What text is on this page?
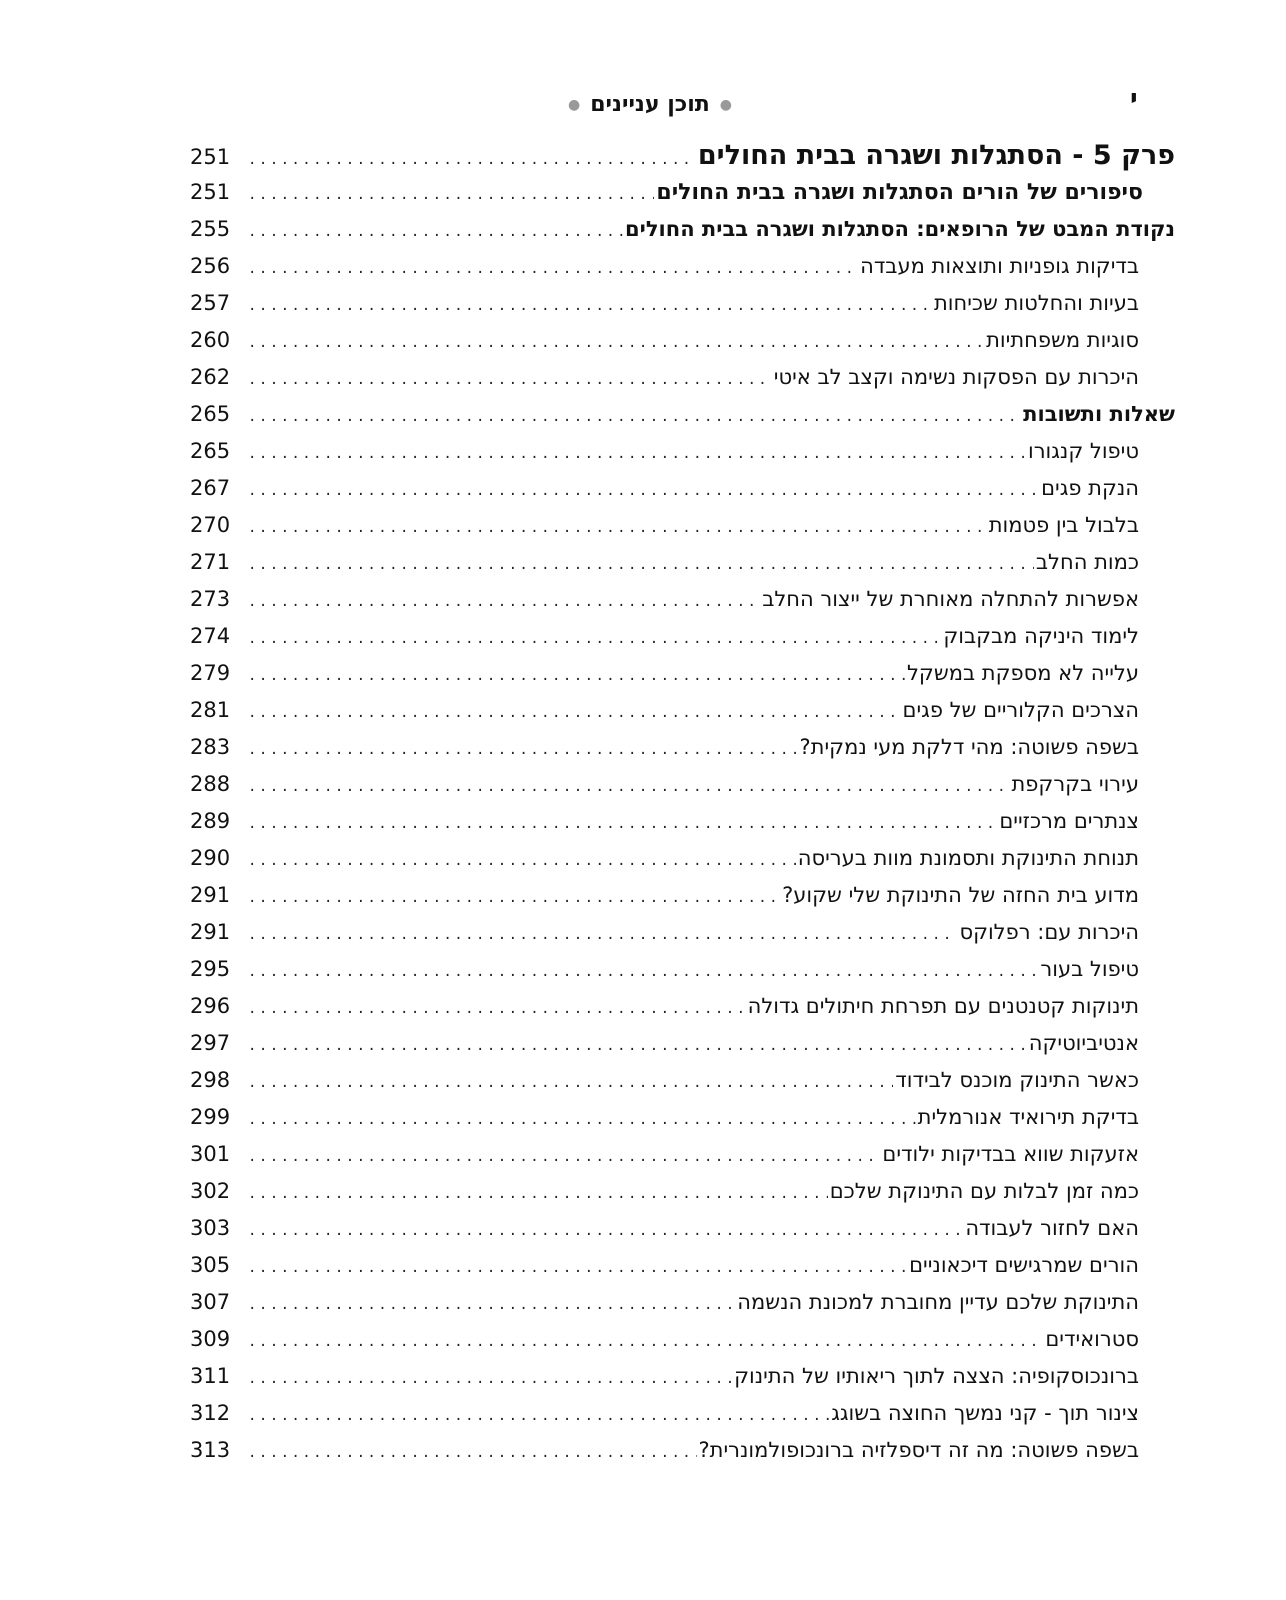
י
●תוכן עניינים●
פרק 5 - הסתגלות ושגרה בבית החולים
. . .
251
סיפורים של הורים הסתגלות ושגרה בבית החולים
. . .
251
נקודת המבט של הרופאים: הסתגלות ושגרה בבית החולים
. . .
255
בדיקות גופניות ותוצאות מעבדה
. . .
256
בעיות והחלטות שכיחות
. . .
257
סוגיות משפחתיות
. . .
260
היכרות עם הפסקות נשימה וקצב לב איטי
. . .
262
שאלות ותשובות
. . .
265
טיפול קנגורו
. . .
265
הנקת פגים
. . .
267
בלבול בין פטמות
. . .
270
כמות החלב
. . .
271
אפשרות להתחלה מאוחרת של ייצור החלב
. . .
273
לימוד היניקה מבקבוק
. . .
274
עלייה לא מספקת במשקל
. . .
279
הצרכים הקלוריים של פגים
. . .
281
בשפה פשוטה: מהי דלקת מעי נמקית?
. . .
283
עירוי בקרקפת
. . .
288
צנתרים מרכזיים
. . .
289
תנוחת התינוקת ותסמונת מוות בעריסה
. . .
290
מדוע בית החזה של התינוקת שלי שקוע?
. . .
291
היכרות עם: רפלוקס
. . .
291
טיפול בעור
. . .
295
תינוקות קטנטנים עם תפרחת חיתולים גדולה
. . .
296
אנטיביוטיקה
. . .
297
כאשר התינוק מוכנס לבידוד
. . .
298
בדיקת תירואיד אנורמלית
. . .
299
אזעקות שווא בבדיקות ילודים
. . .
301
כמה זמן לבלות עם התינוקת שלכם
. . .
302
האם לחזור לעבודה
. . .
303
הורים שמרגישים דיכאוניים
. . .
305
התינוקת שלכם עדיין מחוברת למכונת הנשמה
. . .
307
סטרואידים
. . .
309
ברונכוסקופיה: הצצה לתוך ריאותיו של התינוק
. . .
311
צינור תוך - קני נמשך החוצה בשוגג
. . .
312
בשפה פשוטה: מה זה דיספלזיה ברונכופולמונרית?
. . .
313
